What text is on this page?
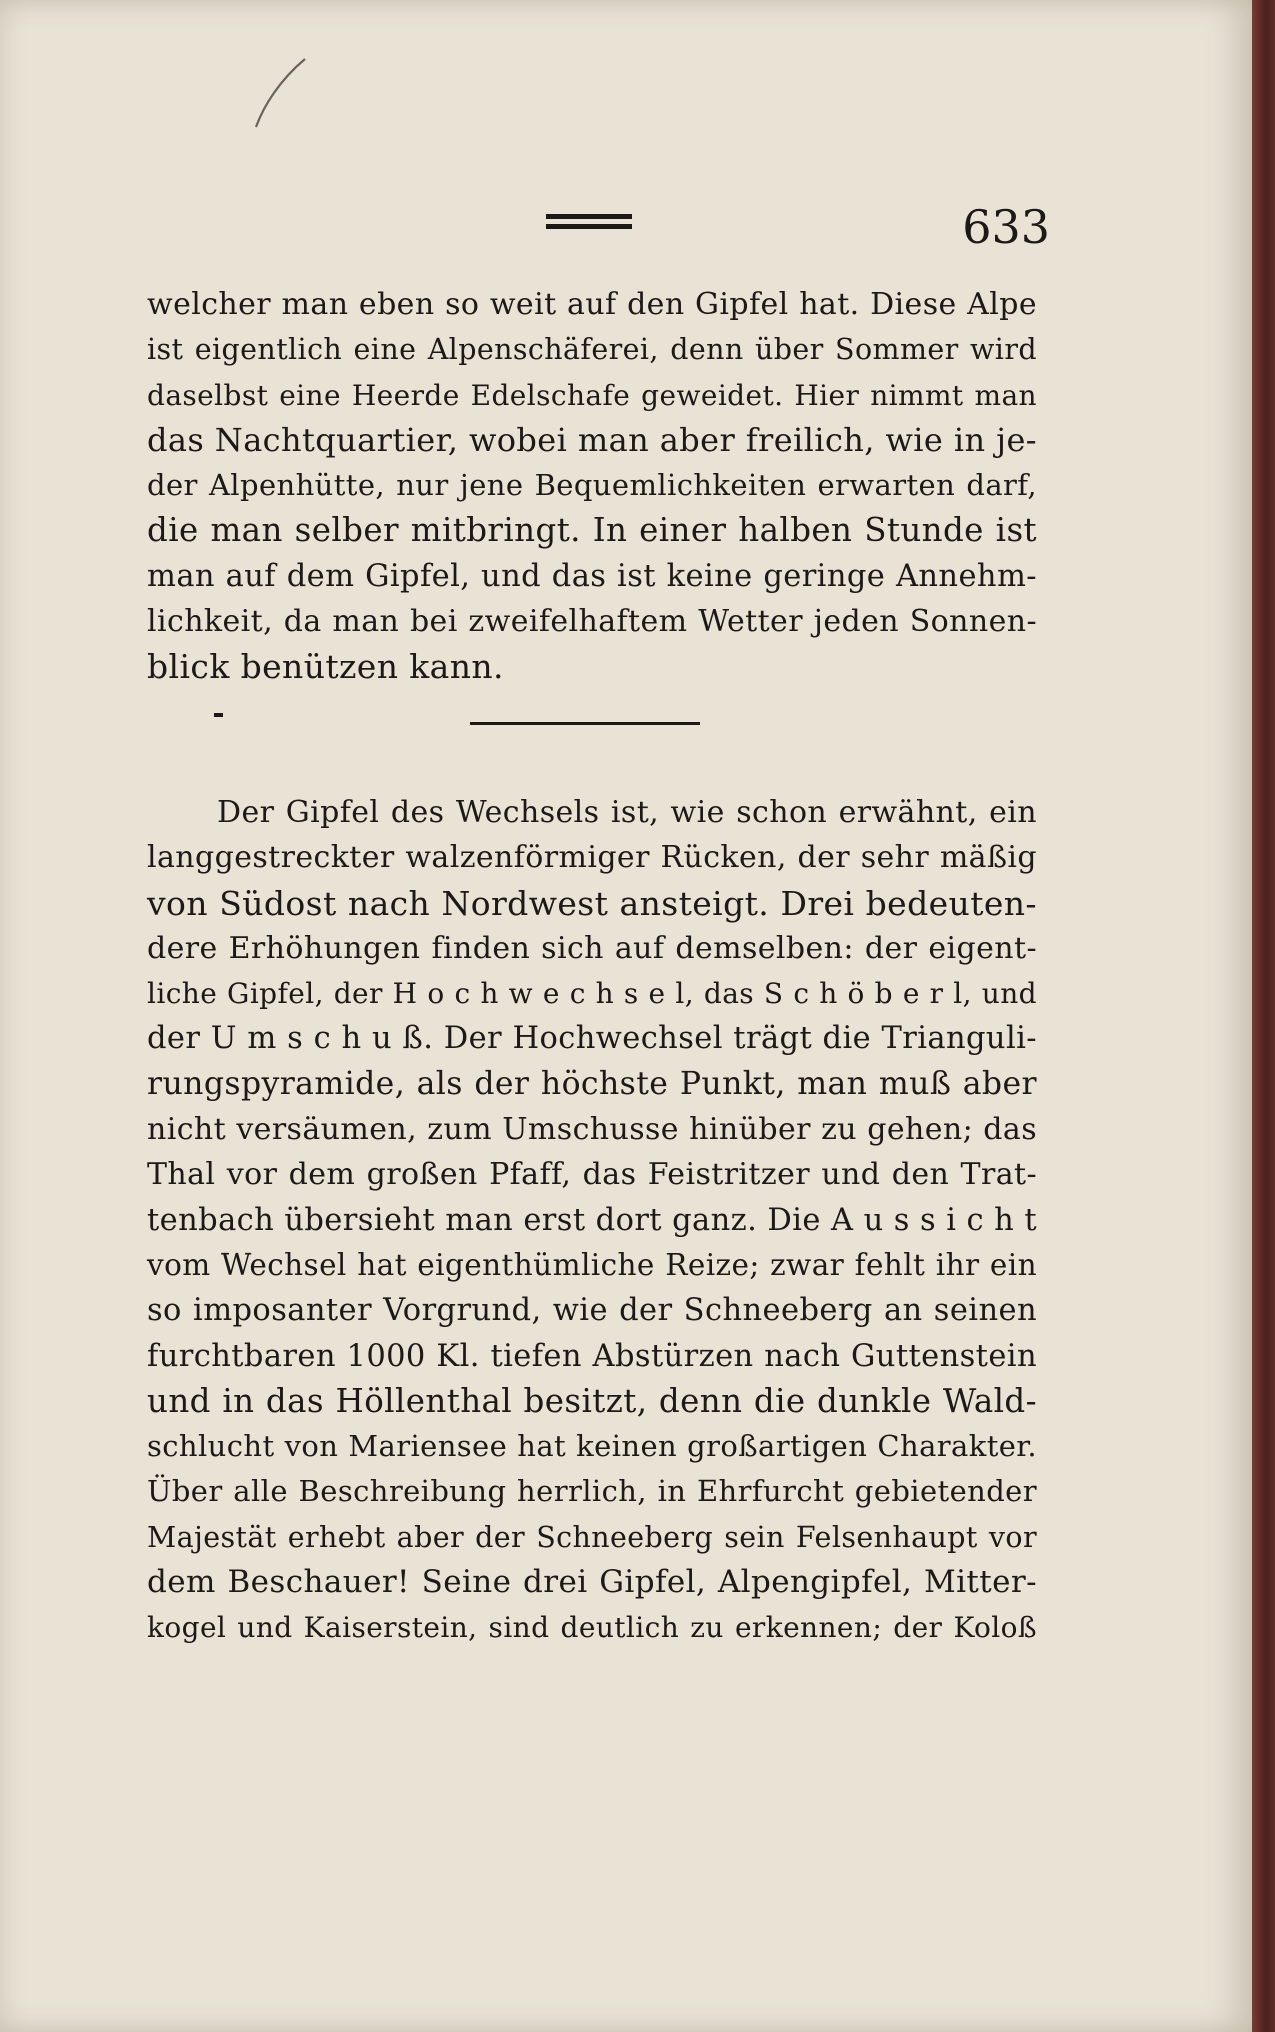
633
welcher man eben so weit auf den Gipfel hat. Diese Alpe
ist eigentlich eine Alpenschäferei, denn über Sommer wird
daselbst eine Heerde Edelschafe geweidet. Hier nimmt man
das Nachtquartier, wobei man aber freilich, wie in je-
der Alpenhütte, nur jene Bequemlichkeiten erwarten darf,
die man selber mitbringt. In einer halben Stunde ist
man auf dem Gipfel, und das ist keine geringe Annehm-
lichkeit, da man bei zweifelhaftem Wetter jeden Sonnen-
blick benützen kann.
Der Gipfel des Wechsels ist, wie schon erwähnt, ein
langgestreckter walzenförmiger Rücken, der sehr mäßig
von Südost nach Nordwest ansteigt. Drei bedeuten-
dere Erhöhungen finden sich auf demselben: der eigent-
liche Gipfel, der H o c h w e c h s e l, das S c h ö b e r l, und
der U m s c h u ß. Der Hochwechsel trägt die Trianguli-
rungspyramide, als der höchste Punkt, man muß aber
nicht versäumen, zum Umschusse hinüber zu gehen; das
Thal vor dem großen Pfaff, das Feistritzer und den Trat-
tenbach übersieht man erst dort ganz. Die A u s s i c h t
vom Wechsel hat eigenthümliche Reize; zwar fehlt ihr ein
so imposanter Vorgrund, wie der Schneeberg an seinen
furchtbaren 1000 Kl. tiefen Abstürzen nach Guttenstein
und in das Höllenthal besitzt, denn die dunkle Wald-
schlucht von Mariensee hat keinen großartigen Charakter.
Über alle Beschreibung herrlich, in Ehrfurcht gebietender
Majestät erhebt aber der Schneeberg sein Felsenhaupt vor
dem Beschauer! Seine drei Gipfel, Alpengipfel, Mitter-
kogel und Kaiserstein, sind deutlich zu erkennen; der Koloß
